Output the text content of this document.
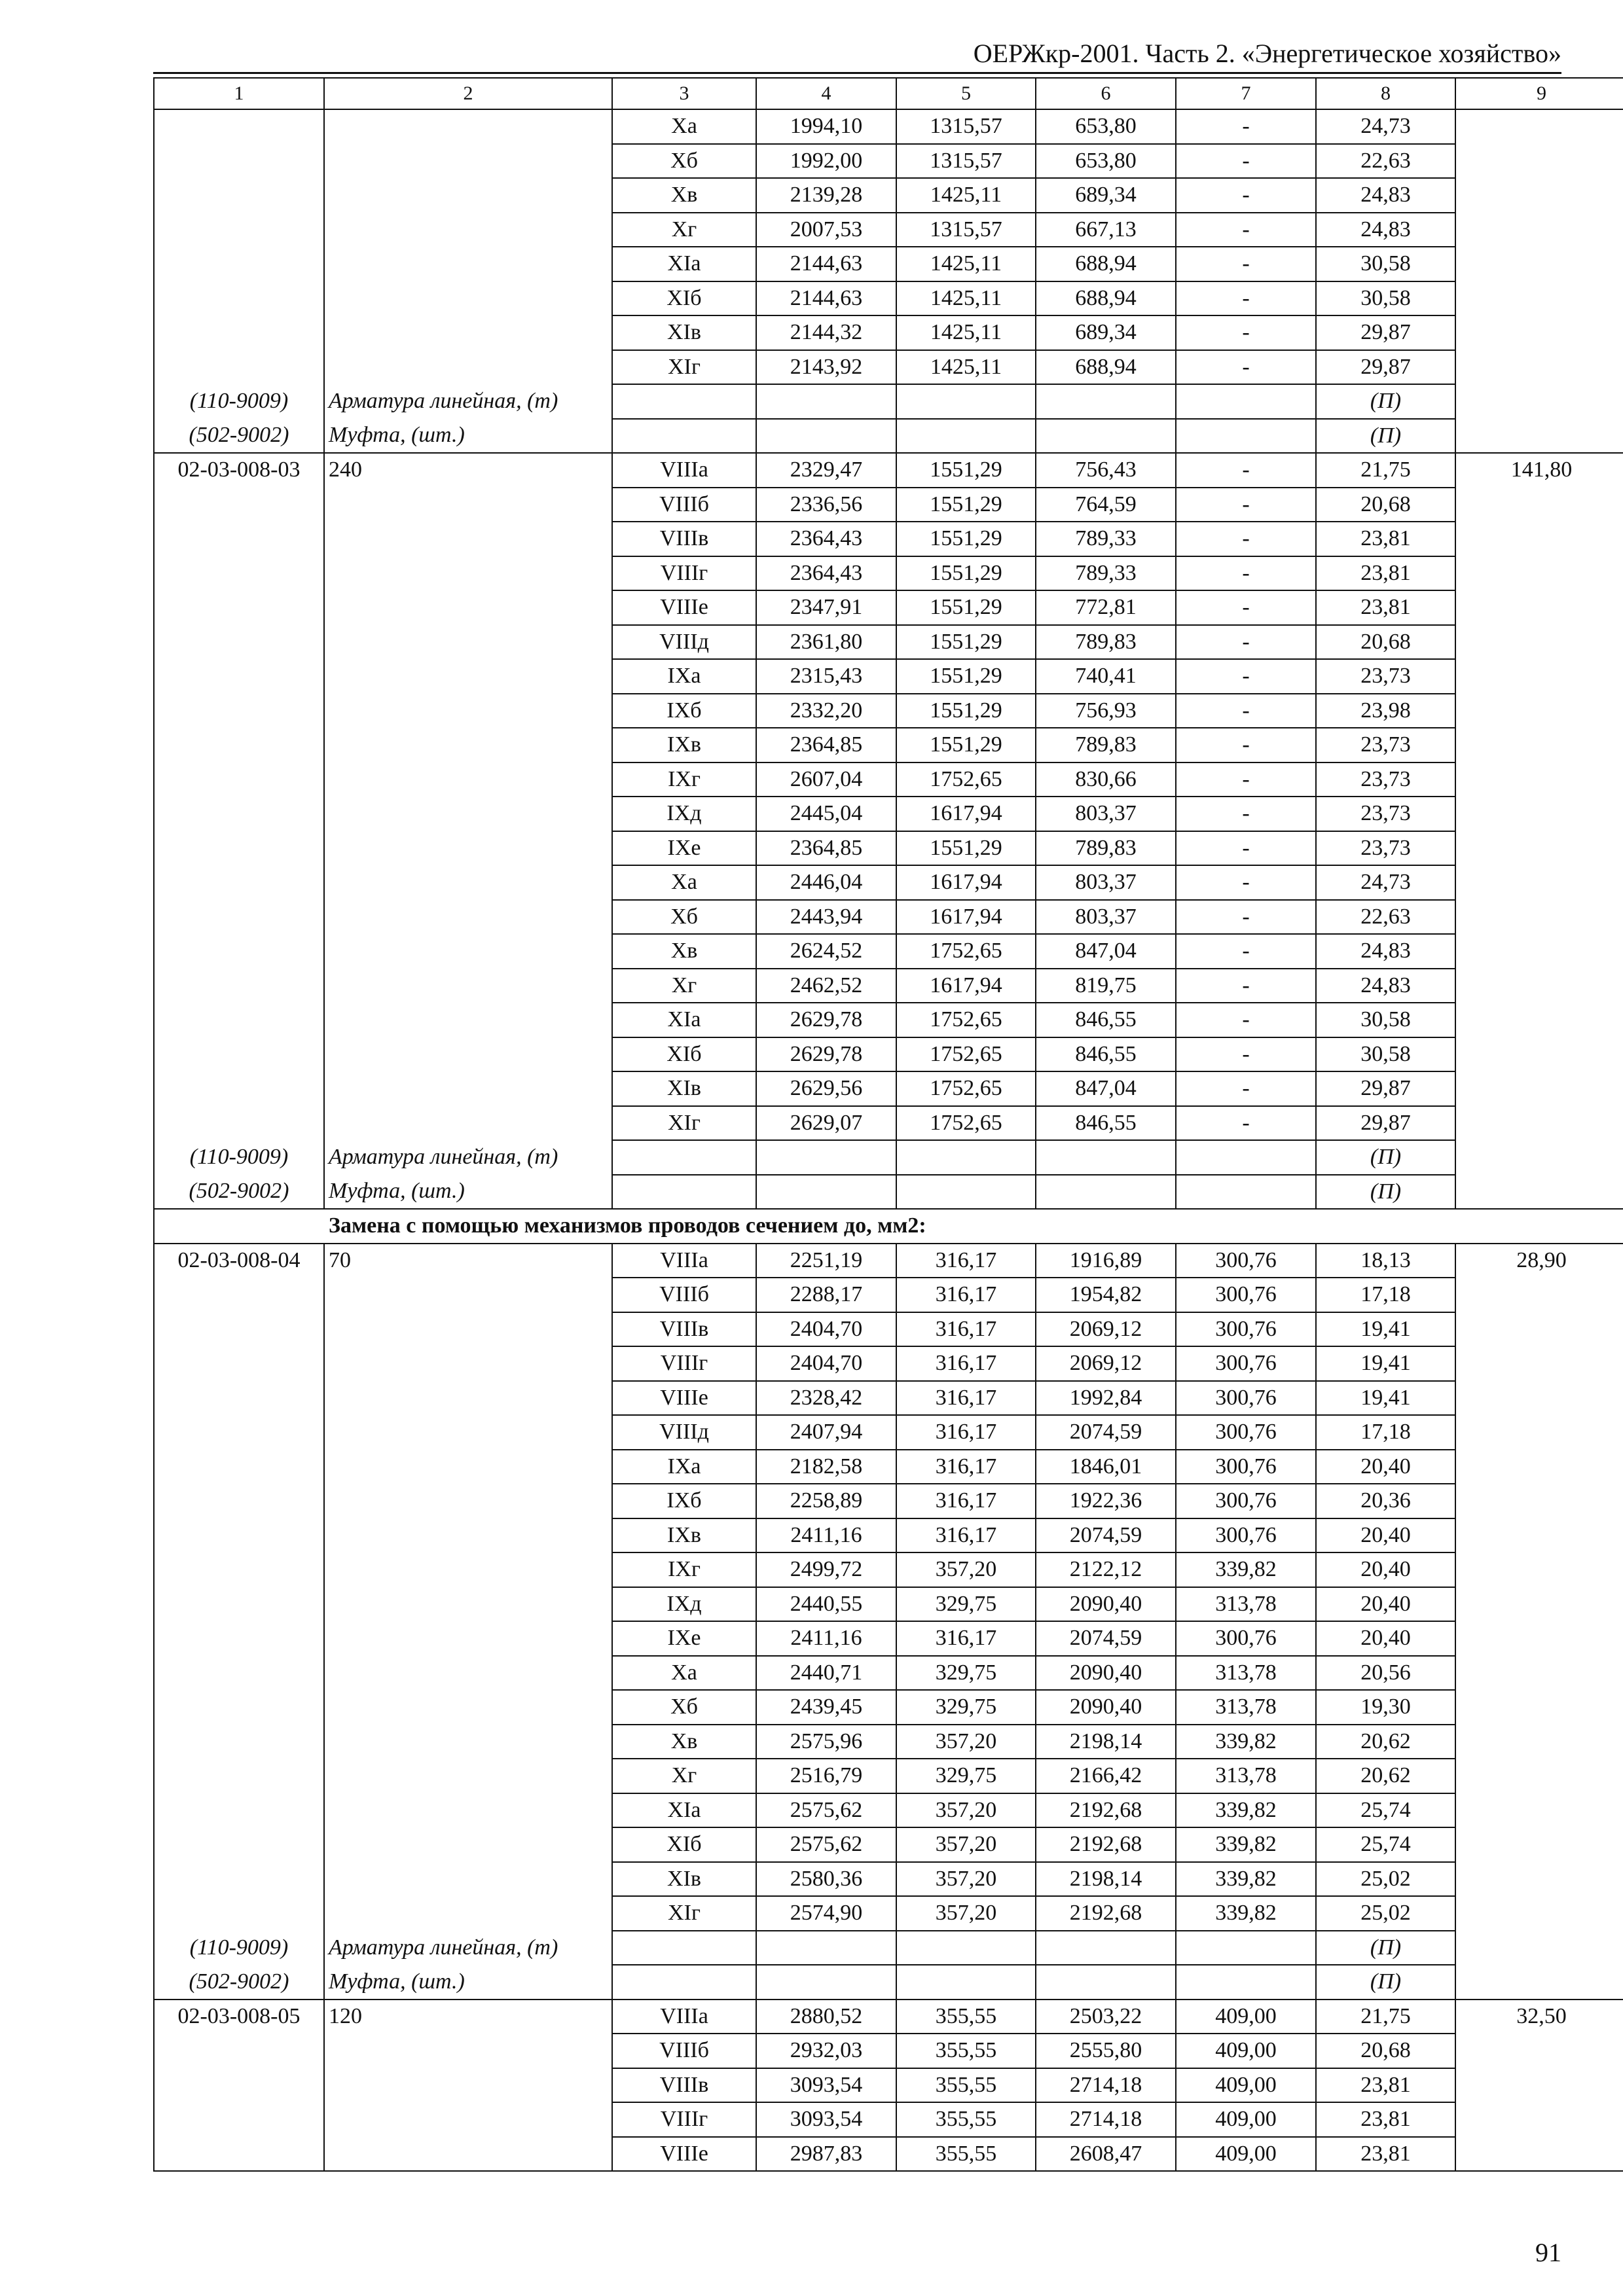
ОЕРЖкр-2001. Часть 2. «Энергетическое хозяйство»
1	2	3	4	5	6	7	8	9
		Ха	1994,10	1315,57	653,80	-	24,73	
		Хб	1992,00	1315,57	653,80	-	22,63	
		Хв	2139,28	1425,11	689,34	-	24,83	
		Хг	2007,53	1315,57	667,13	-	24,83	
		ХIа	2144,63	1425,11	688,94	-	30,58	
		ХIб	2144,63	1425,11	688,94	-	30,58	
		ХIв	2144,32	1425,11	689,34	-	29,87	
		ХIг	2143,92	1425,11	688,94	-	29,87	
(110-9009)	Арматура линейная, (т)						(П)	
(502-9002)	Муфта, (шт.)						(П)	
02-03-008-03	240	VIIIа	2329,47	1551,29	756,43	-	21,75	141,80
		VIIIб	2336,56	1551,29	764,59	-	20,68	
		VIIIв	2364,43	1551,29	789,33	-	23,81	
		VIIIг	2364,43	1551,29	789,33	-	23,81	
		VIIIе	2347,91	1551,29	772,81	-	23,81	
		VIIIд	2361,80	1551,29	789,83	-	20,68	
		IХа	2315,43	1551,29	740,41	-	23,73	
		IХб	2332,20	1551,29	756,93	-	23,98	
		IХв	2364,85	1551,29	789,83	-	23,73	
		IХг	2607,04	1752,65	830,66	-	23,73	
		IХд	2445,04	1617,94	803,37	-	23,73	
		IХе	2364,85	1551,29	789,83	-	23,73	
		Ха	2446,04	1617,94	803,37	-	24,73	
		Хб	2443,94	1617,94	803,37	-	22,63	
		Хв	2624,52	1752,65	847,04	-	24,83	
		Хг	2462,52	1617,94	819,75	-	24,83	
		ХIа	2629,78	1752,65	846,55	-	30,58	
		ХIб	2629,78	1752,65	846,55	-	30,58	
		ХIв	2629,56	1752,65	847,04	-	29,87	
		ХIг	2629,07	1752,65	846,55	-	29,87	
(110-9009)	Арматура линейная, (т)						(П)	
(502-9002)	Муфта, (шт.)						(П)	
Замена с помощью механизмов проводов сечением до, мм2:								
02-03-008-04	70	VIIIа	2251,19	316,17	1916,89	300,76	18,13	28,90
		VIIIб	2288,17	316,17	1954,82	300,76	17,18	
		VIIIв	2404,70	316,17	2069,12	300,76	19,41	
		VIIIг	2404,70	316,17	2069,12	300,76	19,41	
		VIIIе	2328,42	316,17	1992,84	300,76	19,41	
		VIIIд	2407,94	316,17	2074,59	300,76	17,18	
		IХа	2182,58	316,17	1846,01	300,76	20,40	
		IХб	2258,89	316,17	1922,36	300,76	20,36	
		IХв	2411,16	316,17	2074,59	300,76	20,40	
		IХг	2499,72	357,20	2122,12	339,82	20,40	
		IХд	2440,55	329,75	2090,40	313,78	20,40	
		IХе	2411,16	316,17	2074,59	300,76	20,40	
		Ха	2440,71	329,75	2090,40	313,78	20,56	
		Хб	2439,45	329,75	2090,40	313,78	19,30	
		Хв	2575,96	357,20	2198,14	339,82	20,62	
		Хг	2516,79	329,75	2166,42	313,78	20,62	
		ХIа	2575,62	357,20	2192,68	339,82	25,74	
		ХIб	2575,62	357,20	2192,68	339,82	25,74	
		ХIв	2580,36	357,20	2198,14	339,82	25,02	
		ХIг	2574,90	357,20	2192,68	339,82	25,02	
(110-9009)	Арматура линейная, (т)						(П)	
(502-9002)	Муфта, (шт.)						(П)	
02-03-008-05	120	VIIIа	2880,52	355,55	2503,22	409,00	21,75	32,50
		VIIIб	2932,03	355,55	2555,80	409,00	20,68	
		VIIIв	3093,54	355,55	2714,18	409,00	23,81	
		VIIIг	3093,54	355,55	2714,18	409,00	23,81	
		VIIIе	2987,83	355,55	2608,47	409,00	23,81	
91
